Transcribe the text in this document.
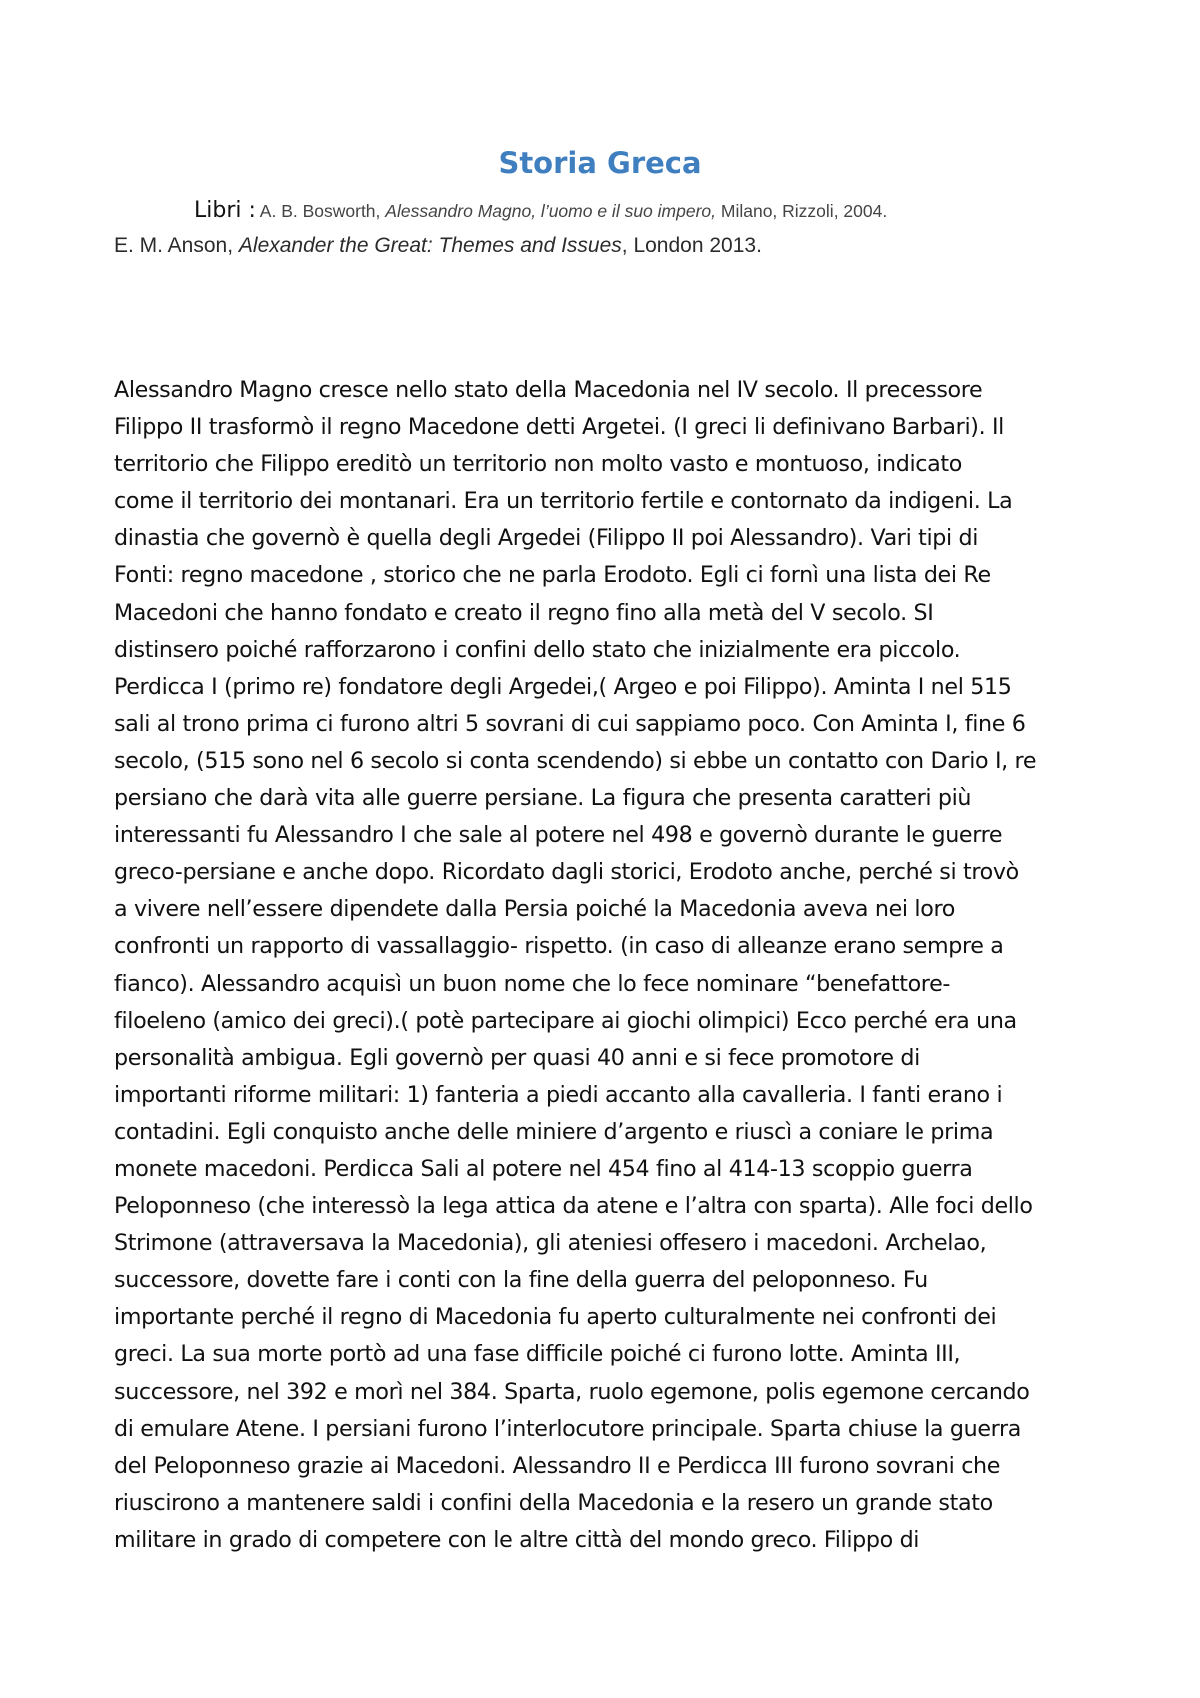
Storia Greca
Libri : A. B. Bosworth, Alessandro Magno, l’uomo e il suo impero, Milano, Rizzoli, 2004.
E. M. Anson, Alexander the Great: Themes and Issues, London 2013.
Alessandro Magno cresce nello stato della Macedonia nel IV secolo. Il precessore
Filippo II trasformò il regno Macedone detti Argetei. (I greci li definivano Barbari). Il
territorio che Filippo ereditò un territorio non molto vasto e montuoso, indicato
come il territorio dei montanari. Era un territorio fertile e contornato da indigeni. La
dinastia che governò è quella degli Argedei (Filippo II poi Alessandro). Vari tipi di
Fonti: regno macedone , storico che ne parla Erodoto. Egli ci fornì una lista dei Re
Macedoni che hanno fondato e creato il regno fino alla metà del V secolo. SI
distinsero poiché rafforzarono i confini dello stato che inizialmente era piccolo.
Perdicca I (primo re) fondatore degli Argedei,( Argeo e poi Filippo). Aminta I nel 515
sali al trono prima ci furono altri 5 sovrani di cui sappiamo poco. Con Aminta I, fine 6
secolo, (515 sono nel 6 secolo si conta scendendo) si ebbe un contatto con Dario I, re
persiano che darà vita alle guerre persiane. La figura che presenta caratteri più
interessanti fu Alessandro I che sale al potere nel 498 e governò durante le guerre
greco-persiane e anche dopo. Ricordato dagli storici, Erodoto anche, perché si trovò
a vivere nell’essere dipendete dalla Persia poiché la Macedonia aveva nei loro
confronti un rapporto di vassallaggio- rispetto. (in caso di alleanze erano sempre a
fianco). Alessandro acquisì un buon nome che lo fece nominare “benefattore-
filoeleno (amico dei greci).( potè partecipare ai giochi olimpici) Ecco perché era una
personalità ambigua. Egli governò per quasi 40 anni e si fece promotore di
importanti riforme militari: 1) fanteria a piedi accanto alla cavalleria. I fanti erano i
contadini. Egli conquisto anche delle miniere d’argento e riuscì a coniare le prima
monete macedoni. Perdicca Sali al potere nel 454 fino al 414-13 scoppio guerra
Peloponneso (che interessò la lega attica da atene e l’altra con sparta). Alle foci dello
Strimone (attraversava la Macedonia), gli ateniesi offesero i macedoni. Archelao,
successore, dovette fare i conti con la fine della guerra del peloponneso. Fu
importante perché il regno di Macedonia fu aperto culturalmente nei confronti dei
greci. La sua morte portò ad una fase difficile poiché ci furono lotte. Aminta III,
successore, nel 392 e morì nel 384. Sparta, ruolo egemone, polis egemone cercando
di emulare Atene. I persiani furono l’interlocutore principale. Sparta chiuse la guerra
del Peloponneso grazie ai Macedoni. Alessandro II e Perdicca III furono sovrani che
riuscirono a mantenere saldi i confini della Macedonia e la resero un grande stato
militare in grado di competere con le altre città del mondo greco. Filippo di
